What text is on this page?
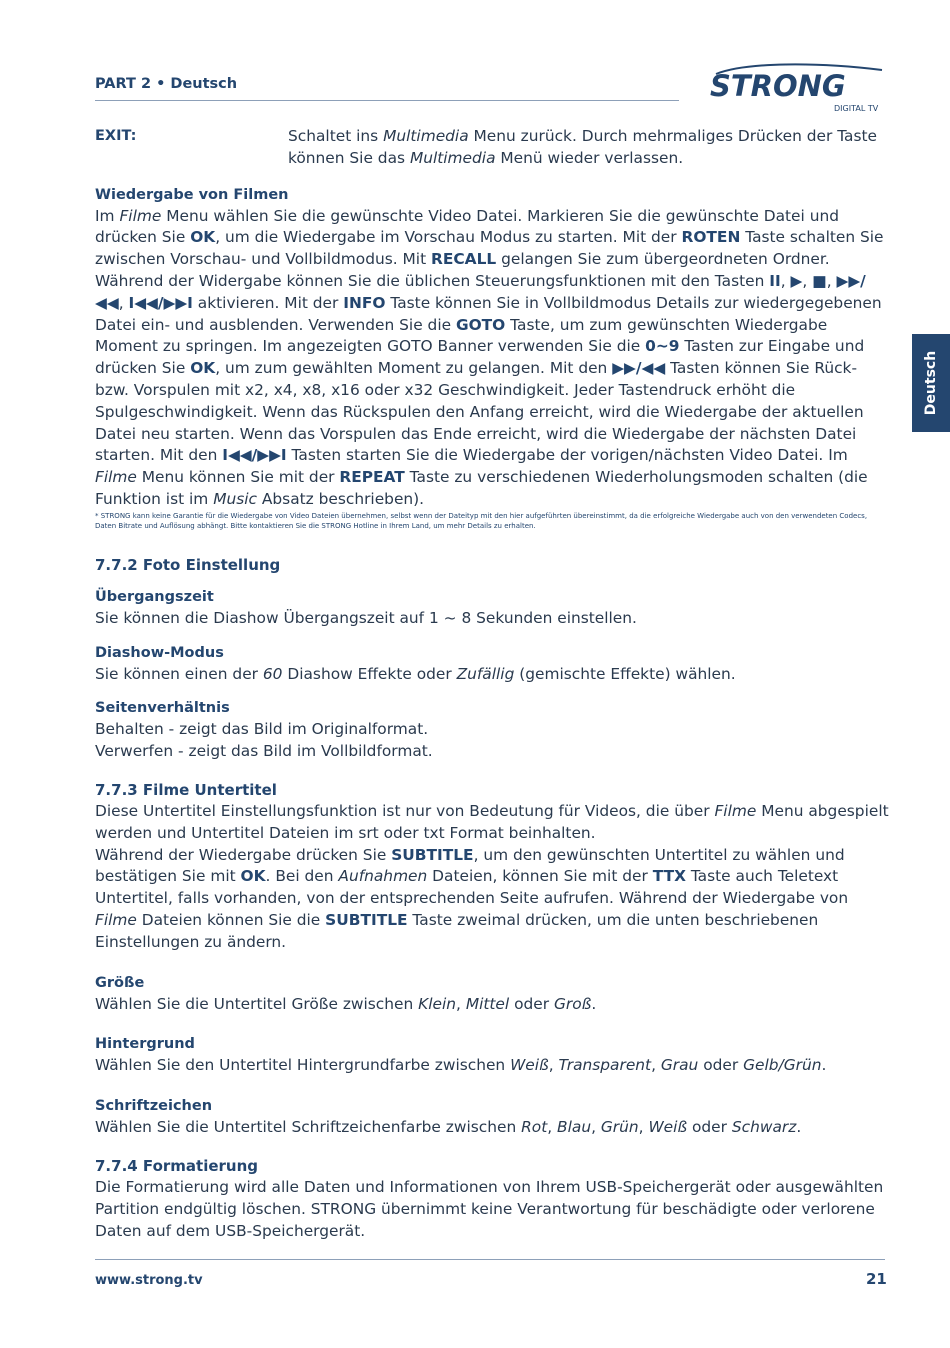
PART 2 • Deutsch	STRONG
DIGITAL TV
Deutsch
EXIT:	Schaltet ins Multimedia Menu zurück. Durch mehrmaliges Drücken der Taste können Sie das Multimedia Menü wieder verlassen.

Wiedergabe von Filmen

Im Filme Menu wählen Sie die gewünschte Video Datei. Markieren Sie die gewünschte Datei und drücken Sie OK, um die Wiedergabe im Vorschau Modus zu starten. Mit der ROTEN Taste schalten Sie zwischen Vorschau- und Vollbildmodus. Mit RECALL gelangen Sie zum übergeordneten Ordner.

Während der Widergabe können Sie die üblichen Steuerungsfunktionen mit den Tasten II, ▶, ■, ▶▶/◀◀, I◀◀/▶▶I aktivieren. Mit der INFO Taste können Sie in Vollbildmodus Details zur wiedergegebenen Datei ein- und ausblenden. Verwenden Sie die GOTO Taste, um zum gewünschten Wiedergabe Moment zu springen. Im angezeigten GOTO Banner verwenden Sie die 0~9 Tasten zur Eingabe und drücken Sie OK, um zum gewählten Moment zu gelangen. Mit den ▶▶/◀◀ Tasten können Sie Rück- bzw. Vorspulen mit x2, x4, x8, x16 oder x32 Geschwindigkeit. Jeder Tastendruck erhöht die Spulgeschwindigkeit. Wenn das Rückspulen den Anfang erreicht, wird die Wiedergabe der aktuellen Datei neu starten. Wenn das Vorspulen das Ende erreicht, wird die Wiedergabe der nächsten Datei starten. Mit den I◀◀/▶▶I Tasten starten Sie die Wiedergabe der vorigen/nächsten Video Datei. Im Filme Menu können Sie mit der REPEAT Taste zu verschiedenen Wiederholungsmoden schalten (die Funktion ist im Music Absatz beschrieben).

* STRONG kann keine Garantie für die Wiedergabe von Video Dateien übernehmen, selbst wenn der Dateityp mit den hier aufgeführten übereinstimmt, da die erfolgreiche Wiedergabe auch von den verwendeten Codecs, Daten Bitrate und Auflösung abhängt. Bitte kontaktieren Sie die STRONG Hotline in Ihrem Land, um mehr Details zu erhalten.

7.7.2 Foto Einstellung

Übergangszeit

Sie können die Diashow Übergangszeit auf 1 ~ 8 Sekunden einstellen.

Diashow-Modus

Sie können einen der 60 Diashow Effekte oder Zufällig (gemischte Effekte) wählen.

Seitenverhältnis

Behalten - zeigt das Bild im Originalformat.

Verwerfen - zeigt das Bild im Vollbildformat.

7.7.3 Filme Untertitel

Diese Untertitel Einstellungsfunktion ist nur von Bedeutung für Videos, die über Filme Menu abgespielt werden und Untertitel Dateien im srt oder txt Format beinhalten.

Während der Wiedergabe drücken Sie SUBTITLE, um den gewünschten Untertitel zu wählen und bestätigen Sie mit OK. Bei den Aufnahmen Dateien, können Sie mit der TTX Taste auch Teletext Untertitel, falls vorhanden, von der entsprechenden Seite aufrufen. Während der Wiedergabe von Filme Dateien können Sie die SUBTITLE Taste zweimal drücken, um die unten beschriebenen Einstellungen zu ändern.

Größe

Wählen Sie die Untertitel Größe zwischen Klein, Mittel oder Groß.

Hintergrund

Wählen Sie den Untertitel Hintergrundfarbe zwischen Weiß, Transparent, Grau oder Gelb/Grün.

Schriftzeichen

Wählen Sie die Untertitel Schriftzeichenfarbe zwischen Rot, Blau, Grün, Weiß oder Schwarz.

7.7.4 Formatierung

Die Formatierung wird alle Daten und Informationen von Ihrem USB-Speichergerät oder ausgewählten Partition endgültig löschen. STRONG übernimmt keine Verantwortung für beschädigte oder verlorene Daten auf dem USB-Speichergerät.

www.strong.tv	21
